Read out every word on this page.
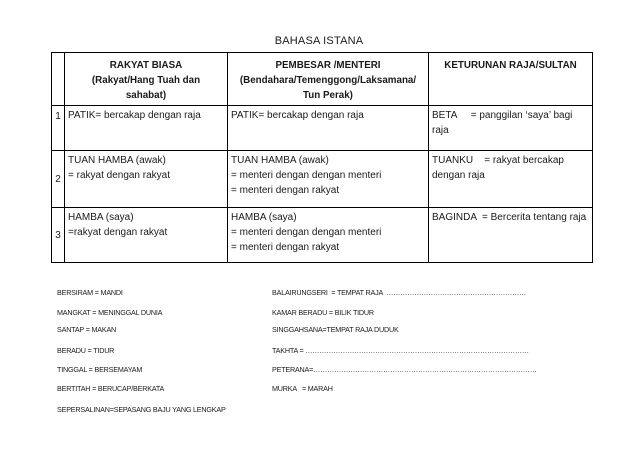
BAHASA ISTANA

	RAKYAT BIASA
(Rakyat/Hang Tuah dan
sahabat)	PEMBESAR /MENTERI
(Bendahara/Temenggong/Laksamana/
Tun Perak)	KETURUNAN RAJA/SULTAN

1	PATIK= bercakap dengan raja	PATIK= bercakap dengan raja	BETA     = panggilan ‘saya’ bagi
raja

2	TUAN HAMBA (awak)
= rakyat dengan rakyat	TUAN HAMBA (awak)
= menteri dengan dengan menteri
= menteri dengan rakyat	TUANKU    = rakyat bercakap
dengan raja

3	HAMBA (saya)
=rakyat dengan rakyat	HAMBA (saya)
= menteri dengan dengan menteri
= menteri dengan rakyat	BAGINDA  = Bercerita tentang raja
BERSIRAM = MANDI
MANGKAT = MENINGGAL DUNIA
SANTAP = MAKAN
BERADU = TIDUR
TINGGAL = BERSEMAYAM
BERTITAH = BERUCAP/BERKATA
SEPERSALINAN=SEPASANG BAJU YANG LENGKAP
BALAIRUNGSERI  = TEMPAT RAJA  ……………………………………………………
KAMAR BERADU = BILIK TIDUR
SINGGAHSANA=TEMPAT RAJA DUDUK
TAKHTA = ……………………………………………………………………………………
PETERANA=……………………………………………………………………………………
MURKA   = MARAH
